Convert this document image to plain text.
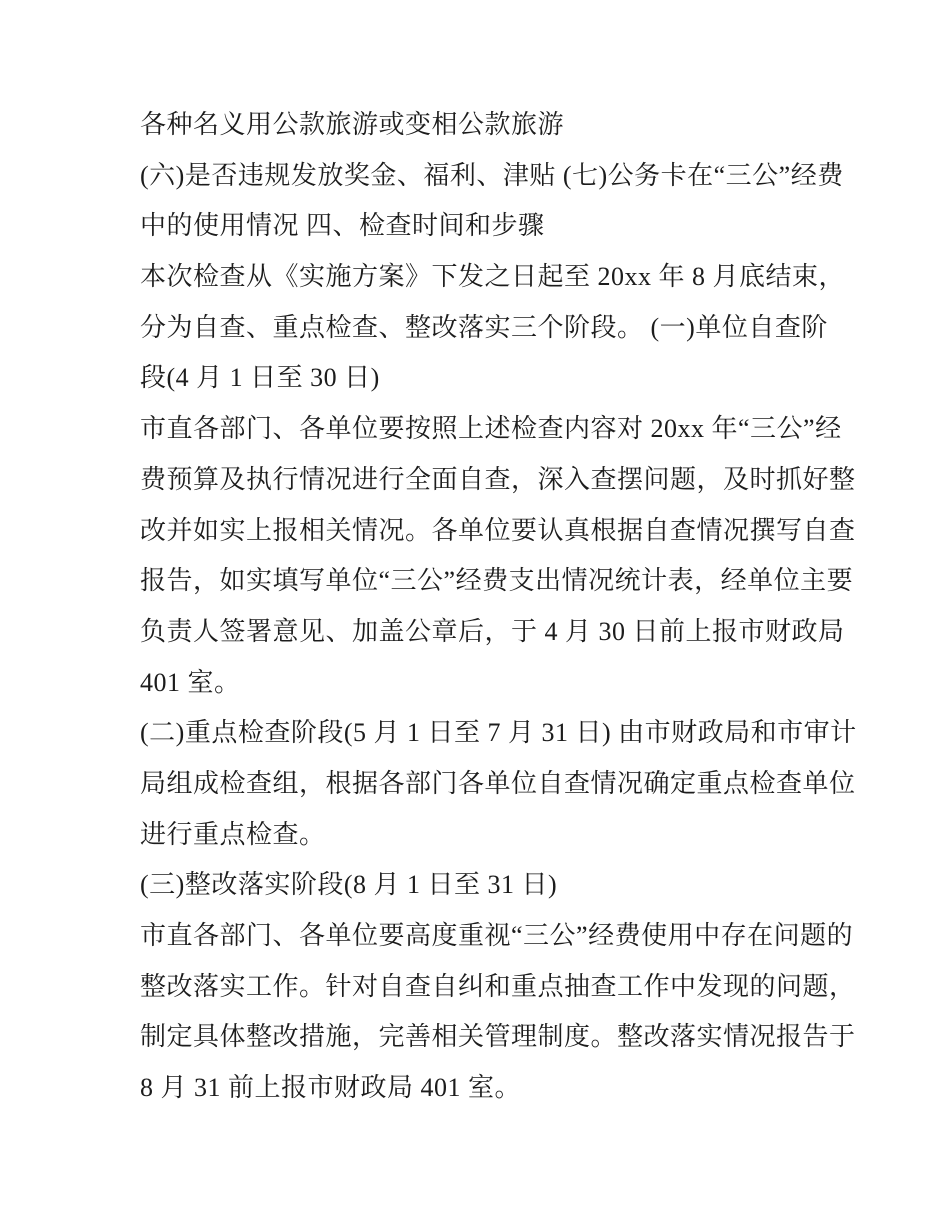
各种名义用公款旅游或变相公款旅游
(六)是否违规发放奖金、福利、津贴 (七)公务卡在“三公”经费
中的使用情况 四、检查时间和步骤
本次检查从《实施方案》下发之日起至 20xx 年 8 月底结束，
分为自查、重点检查、整改落实三个阶段。 (一)单位自查阶
段(4 月 1 日至 30 日)
市直各部门、各单位要按照上述检查内容对 20xx 年“三公”经
费预算及执行情况进行全面自查，深入查摆问题，及时抓好整
改并如实上报相关情况。各单位要认真根据自查情况撰写自查
报告，如实填写单位“三公”经费支出情况统计表，经单位主要
负责人签署意见、加盖公章后，于 4 月 30 日前上报市财政局
401 室。
(二)重点检查阶段(5 月 1 日至 7 月 31 日) 由市财政局和市审计
局组成检查组，根据各部门各单位自查情况确定重点检查单位
进行重点检查。
(三)整改落实阶段(8 月 1 日至 31 日)
市直各部门、各单位要高度重视“三公”经费使用中存在问题的
整改落实工作。针对自查自纠和重点抽查工作中发现的问题，
制定具体整改措施，完善相关管理制度。整改落实情况报告于
8 月 31 前上报市财政局 401 室。
